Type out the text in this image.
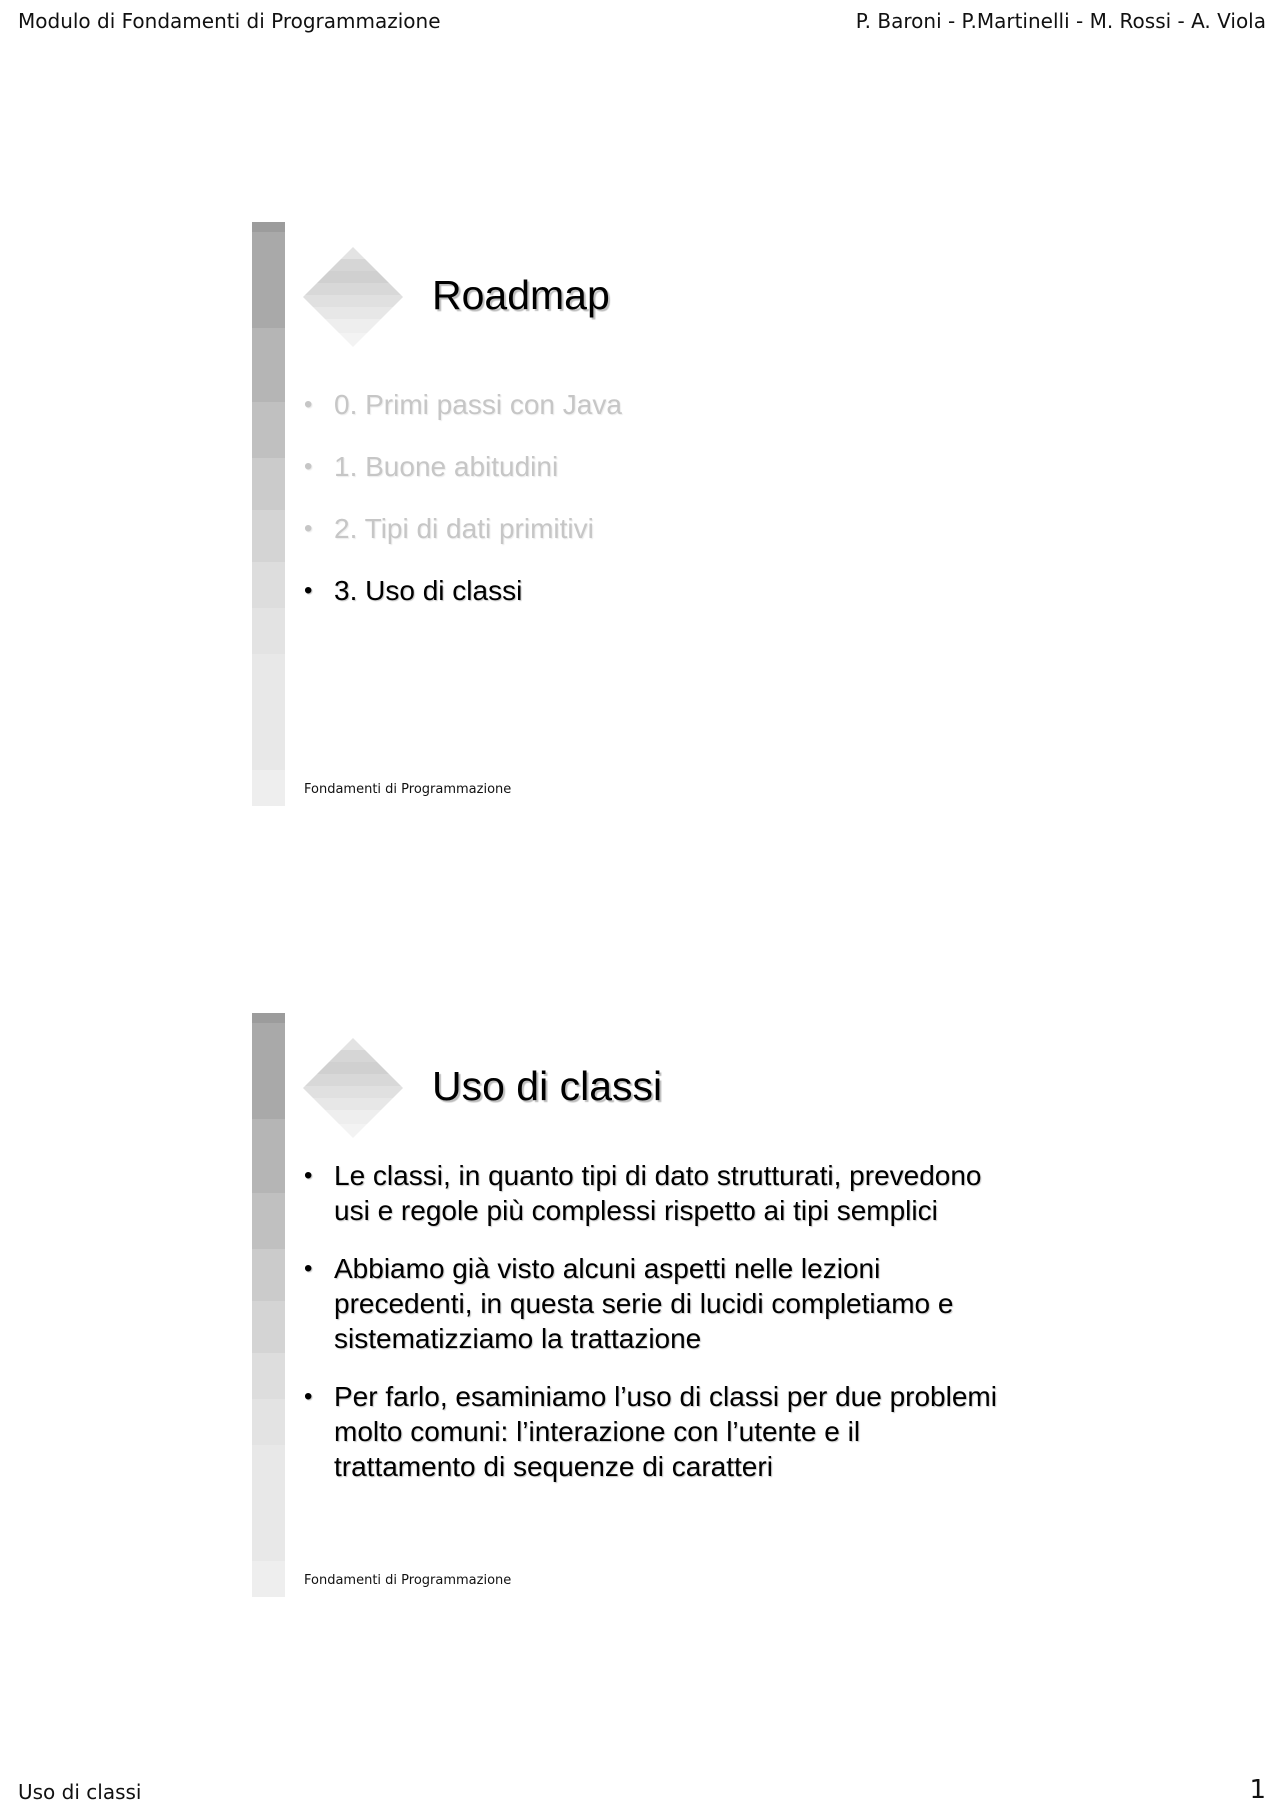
Modulo di Fondamenti di Programmazione	P. Baroni - P.Martinelli - M. Rossi - A. Viola
Roadmap
• 0. Primi passi con Java
• 1. Buone abitudini
• 2. Tipi di dati primitivi
• 3. Uso di classi
Fondamenti di Programmazione
Uso di classi
• Le classi, in quanto tipi di dato strutturati, prevedono usi e regole più complessi rispetto ai tipi semplici
• Abbiamo già visto alcuni aspetti nelle lezioni precedenti, in questa serie di lucidi completiamo e sistematizziamo la trattazione
• Per farlo, esaminiamo l’uso di classi per due problemi molto comuni: l’interazione con l’utente e il trattamento di sequenze di caratteri
Fondamenti di Programmazione
Uso di classi	1
